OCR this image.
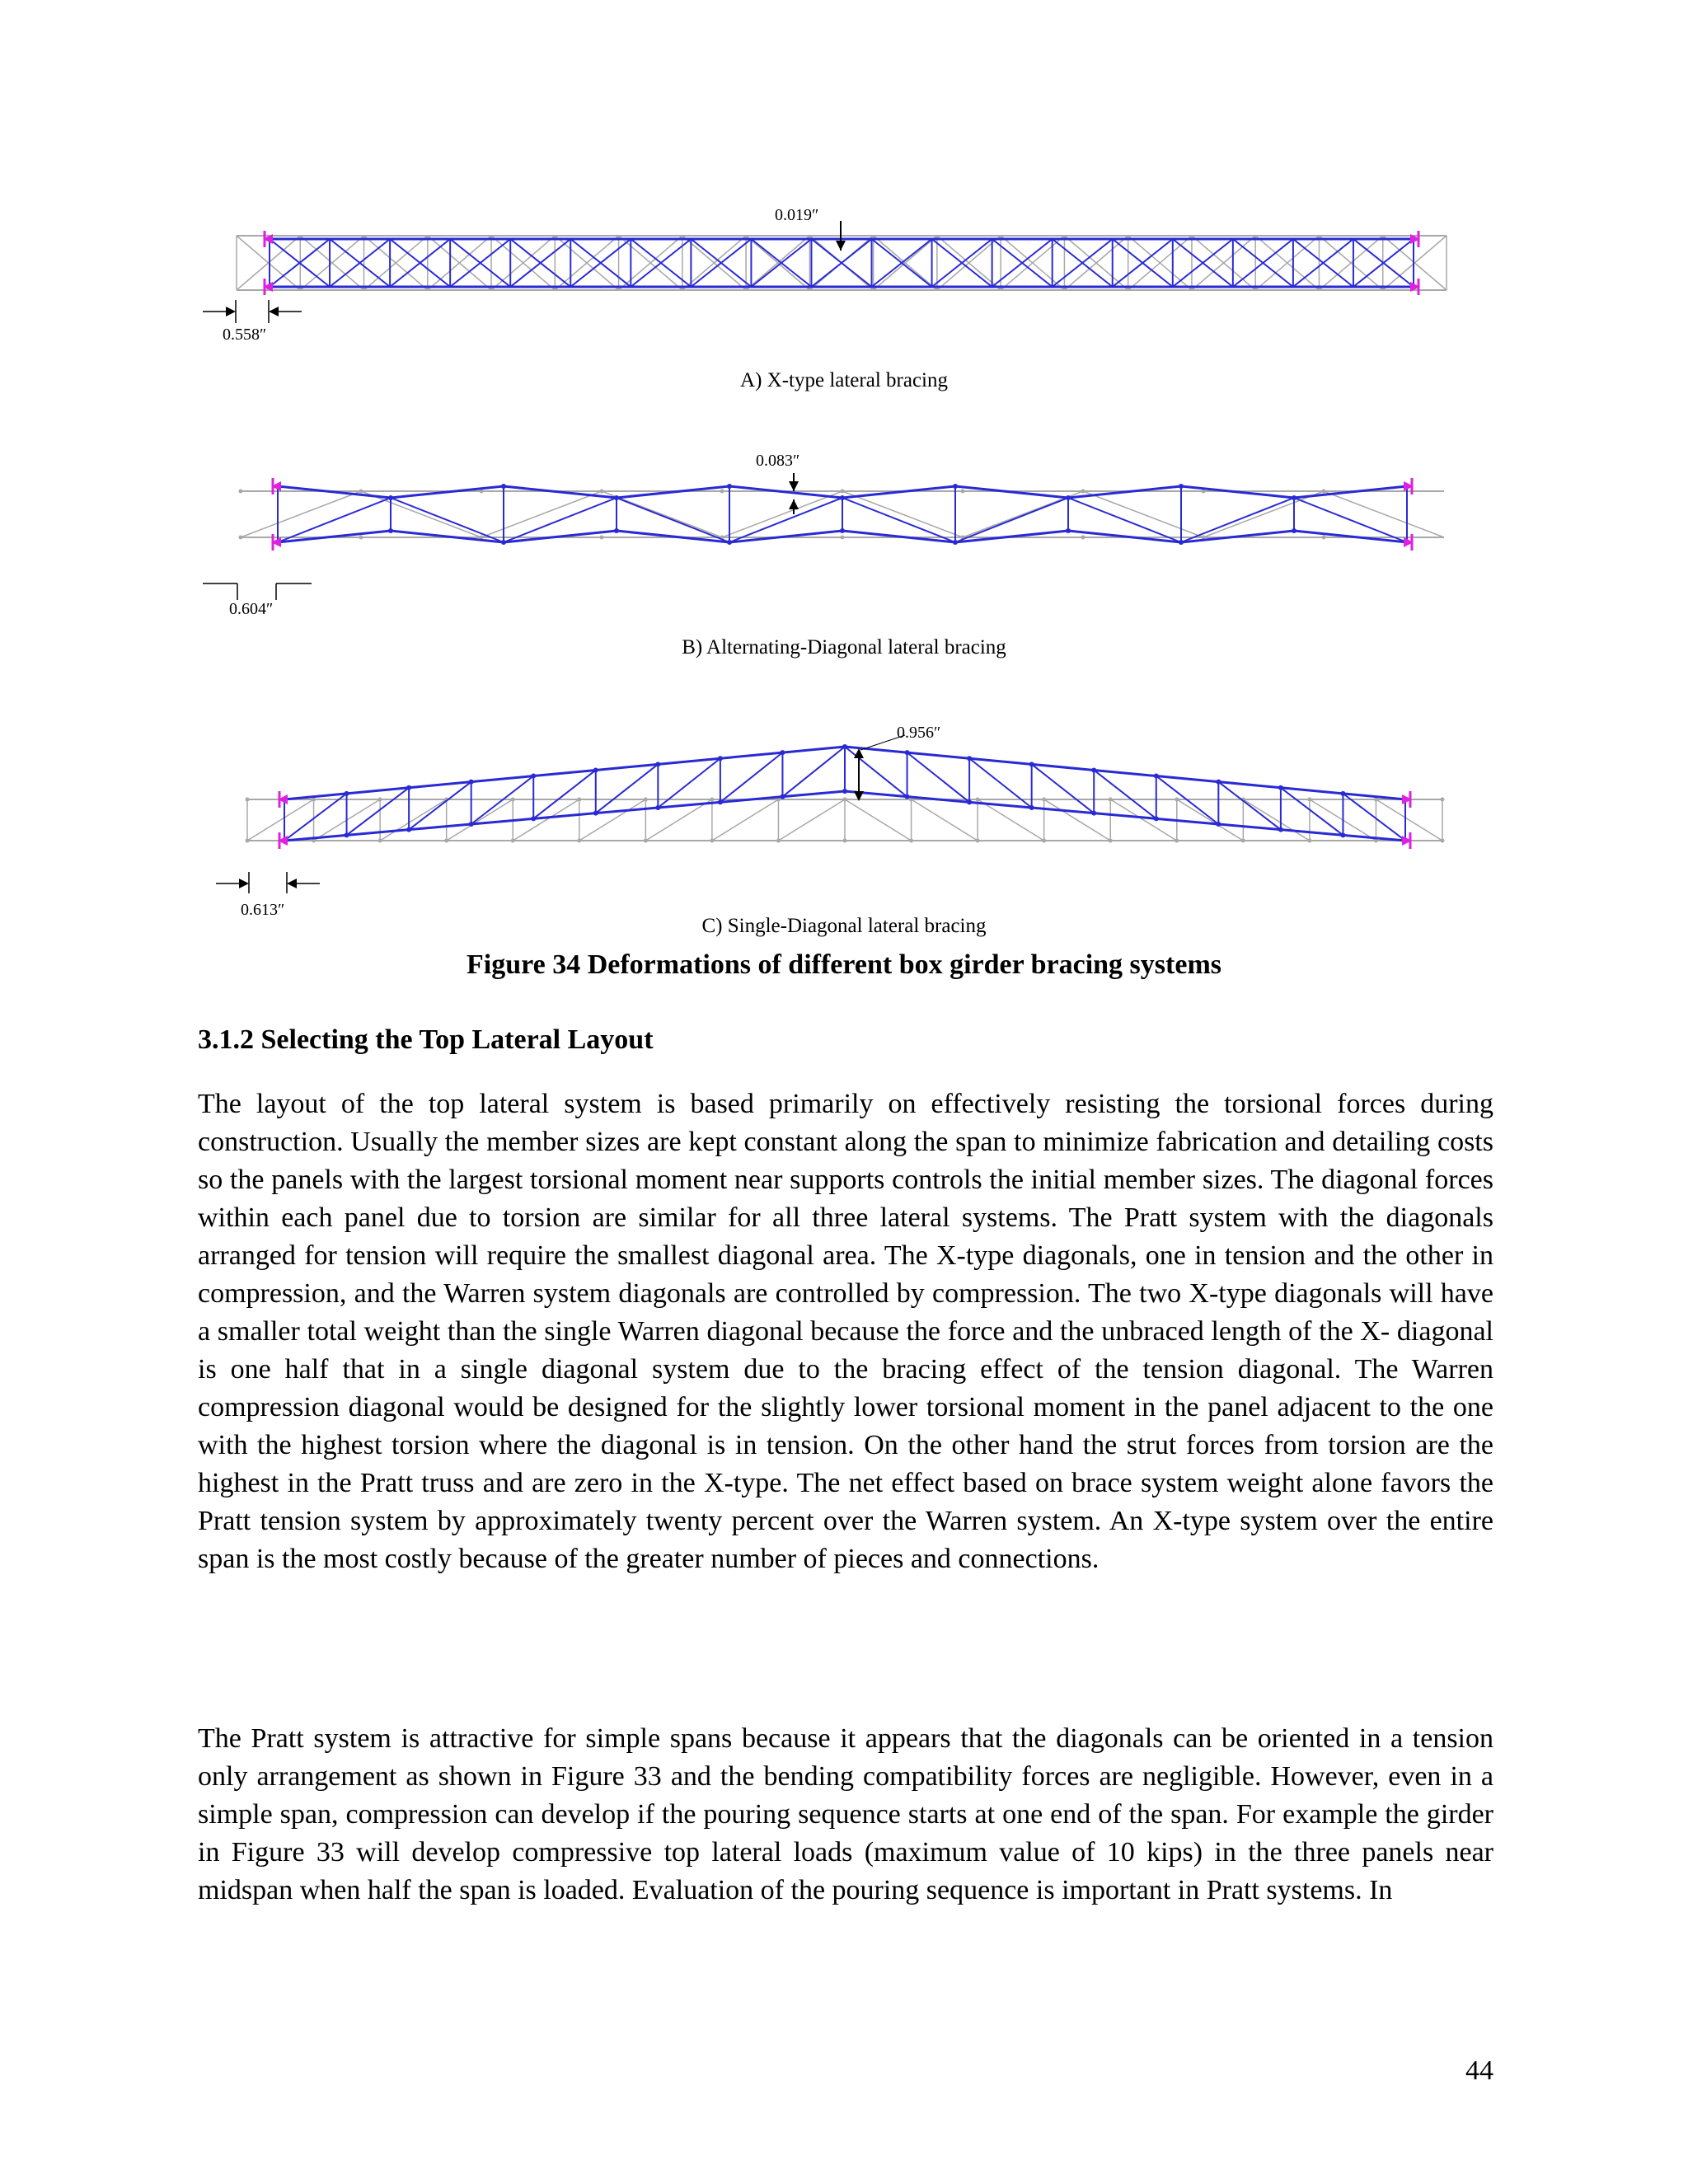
0.019″
0.558″
A) X-type lateral bracing
0.083″
0.604″
B) Alternating-Diagonal lateral bracing
0.956″
0.613″
C) Single-Diagonal lateral bracing
Figure 34 Deformations of different box girder bracing systems
3.1.2 Selecting the Top Lateral Layout

The layout of the top lateral system is based primarily on effectively resisting the torsional forces during construction. Usually the member sizes are kept constant along the span to minimize fabrication and detailing costs so the panels with the largest torsional moment near supports controls the initial member sizes. The diagonal forces within each panel due to torsion are similar for all three lateral systems. The Pratt system with the diagonals arranged for tension will require the smallest diagonal area. The X-type diagonals, one in tension and the other in compression, and the Warren system diagonals are controlled by compression. The two X-type diagonals will have a smaller total weight than the single Warren diagonal because the force and the unbraced length of the X- diagonal is one half that in a single diagonal system due to the bracing effect of the tension diagonal. The Warren compression diagonal would be designed for the slightly lower torsional moment in the panel adjacent to the one with the highest torsion where the diagonal is in tension. On the other hand the strut forces from torsion are the highest in the Pratt truss and are zero in the X-type. The net effect based on brace system weight alone favors the Pratt tension system by approximately twenty percent over the Warren system. An X-type system over the entire span is the most costly because of the greater number of pieces and connections.

The Pratt system is attractive for simple spans because it appears that the diagonals can be oriented in a tension only arrangement as shown in Figure 33 and the bending compatibility forces are negligible. However, even in a simple span, compression can develop if the pouring sequence starts at one end of the span. For example the girder in Figure 33 will develop compressive top lateral loads (maximum value of 10 kips) in the three panels near midspan when half the span is loaded. Evaluation of the pouring sequence is important in Pratt systems. In

44
